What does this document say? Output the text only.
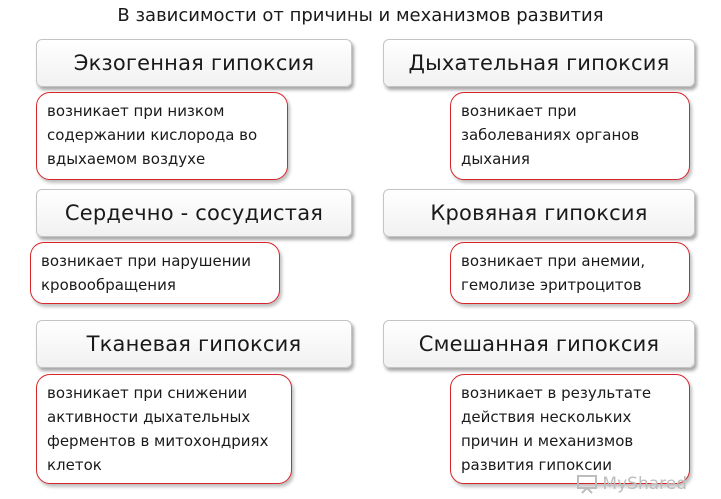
В зависимости от причины и механизмов развития
Экзогенная гипоксия
возникает при низком содержании кислорода во вдыхаемом воздухе
Дыхательная гипоксия
возникает при заболеваниях органов дыхания
Сердечно - сосудистая
возникает при нарушении кровообращения
Кровяная гипоксия
возникает при анемии, гемолизе эритроцитов
Тканевая гипоксия
возникает при снижении активности дыхательных ферментов в митохондриях клеток
Смешанная гипоксия
возникает в результате действия нескольких причин и механизмов развития гипоксии
MyShared
